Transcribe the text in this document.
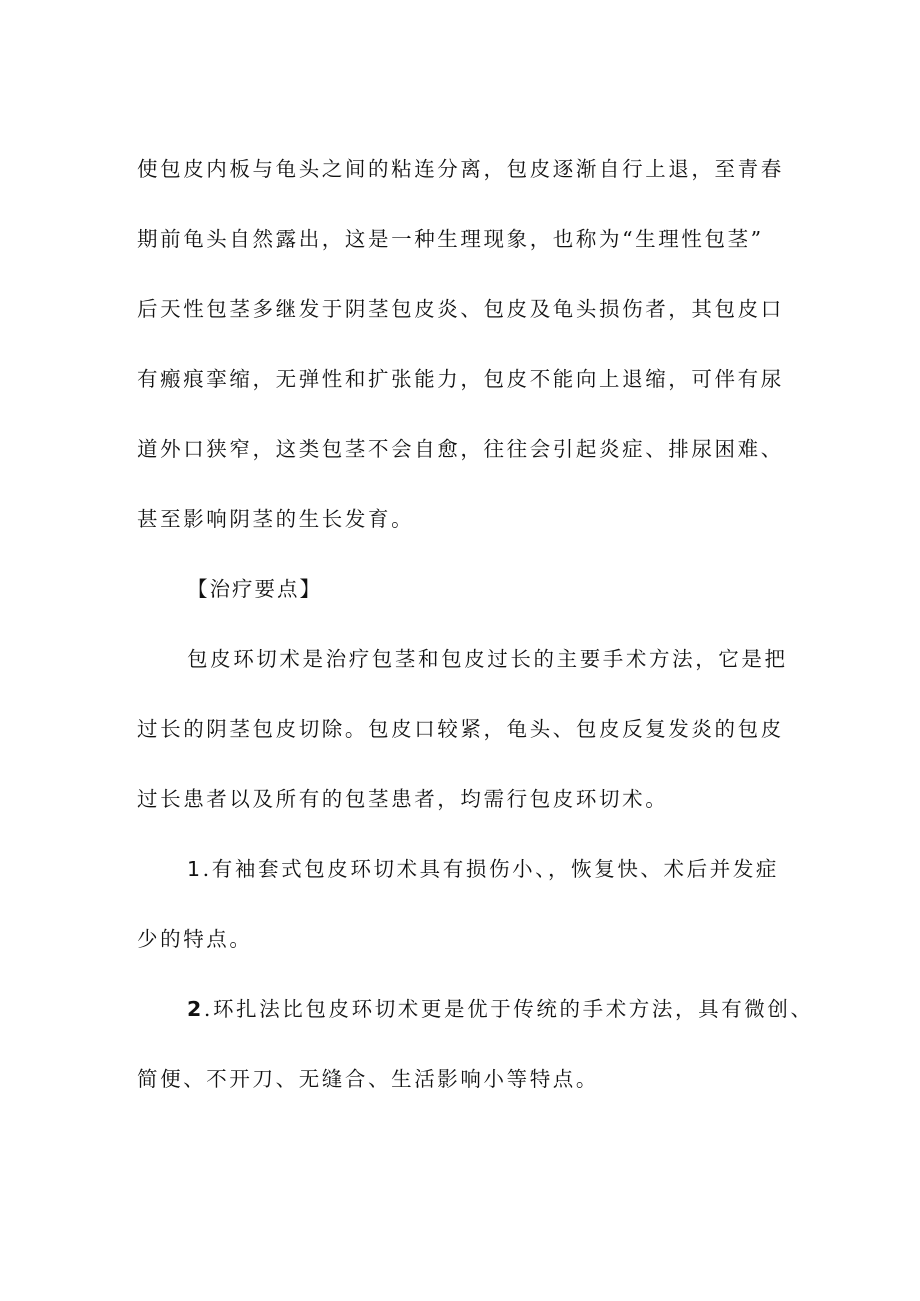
使包皮内板与龟头之间的粘连分离，包皮逐渐自行上退，至青春
期前龟头自然露出，这是一种生理现象，也称为“生理性包茎”
后天性包茎多继发于阴茎包皮炎、包皮及龟头损伤者，其包皮口
有瘢痕挛缩，无弹性和扩张能力，包皮不能向上退缩，可伴有尿
道外口狭窄，这类包茎不会自愈，往往会引起炎症、排尿困难、
甚至影响阴茎的生长发育。
【治疗要点】
包皮环切术是治疗包茎和包皮过长的主要手术方法，它是把
过长的阴茎包皮切除。包皮口较紧，龟头、包皮反复发炎的包皮
过长患者以及所有的包茎患者，均需行包皮环切术。
1.有袖套式包皮环切术具有损伤小、，恢复快、术后并发症
少的特点。
2.环扎法比包皮环切术更是优于传统的手术方法，具有微创、
简便、不开刀、无缝合、生活影响小等特点。
